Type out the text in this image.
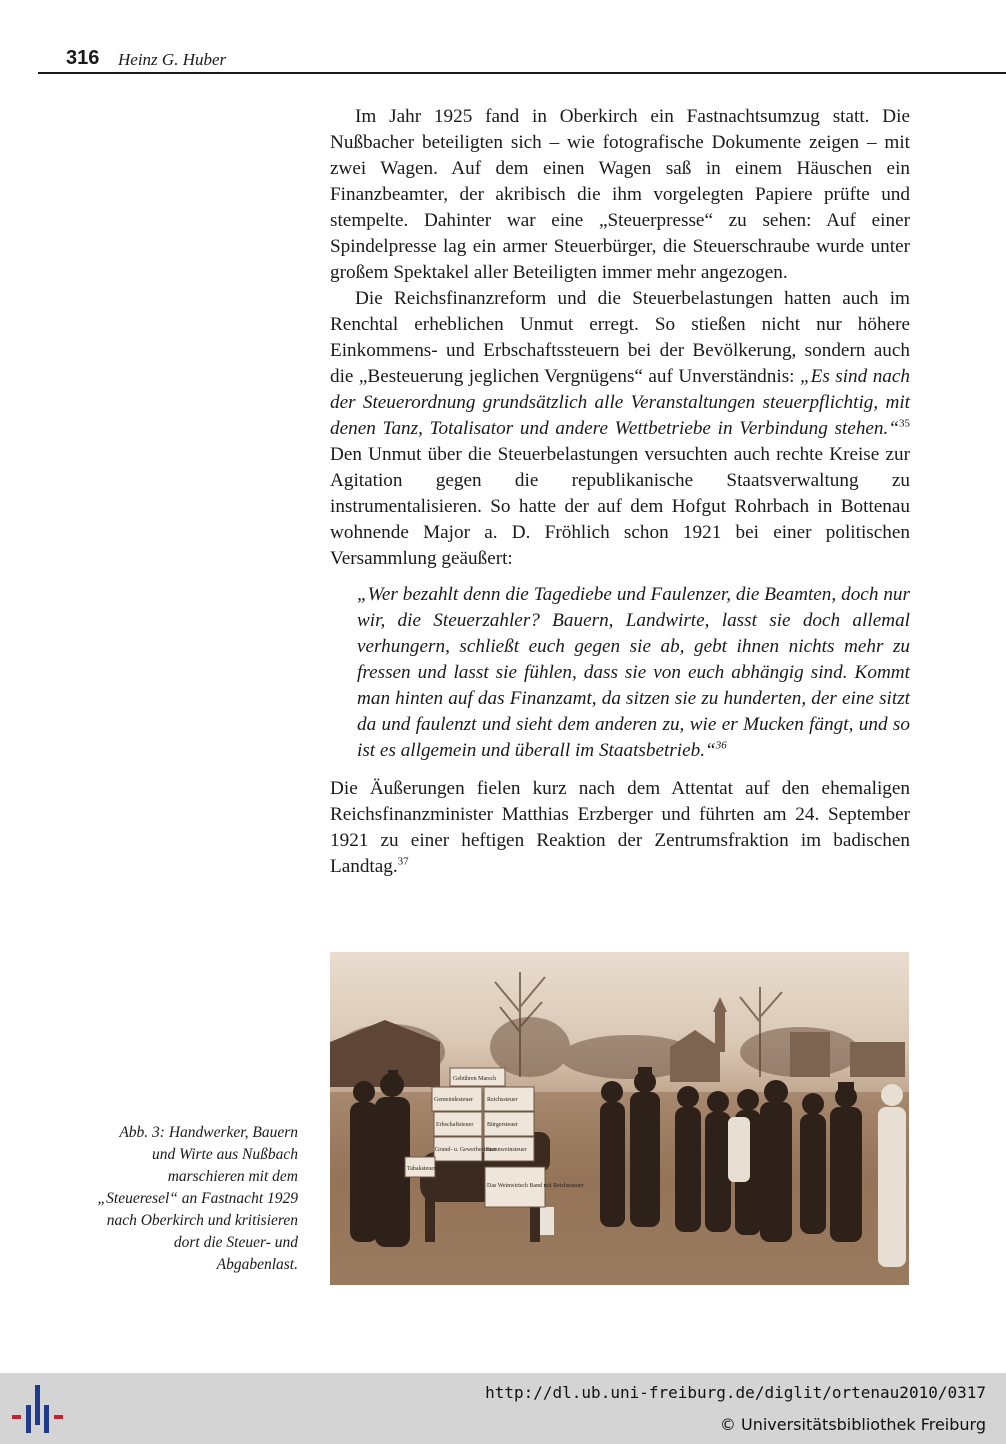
316 Heinz G. Huber

Im Jahr 1925 fand in Oberkirch ein Fastnachtsumzug statt. Die Nußbacher beteiligten sich – wie fotografische Dokumente zeigen – mit zwei Wagen. Auf dem einen Wagen saß in einem Häuschen ein Finanzbeamter, der akribisch die ihm vorgelegten Papiere prüfte und stempelte. Dahinter war eine „Steuerpresse“ zu sehen: Auf einer Spindelpresse lag ein armer Steuerbürger, die Steuerschraube wurde unter großem Spektakel aller Beteiligten immer mehr angezogen.

Die Reichsfinanzreform und die Steuerbelastungen hatten auch im Renchtal erheblichen Unmut erregt. So stießen nicht nur höhere Einkommens- und Erbschaftssteuern bei der Bevölkerung, sondern auch die „Besteuerung jeglichen Vergnügens“ auf Unverständnis: „Es sind nach der Steuerordnung grundsätzlich alle Veranstaltungen steuerpflichtig, mit denen Tanz, Totalisator und andere Wettbetriebe in Verbindung stehen.“$^{35}$ Den Unmut über die Steuerbelastungen versuchten auch rechte Kreise zur Agitation gegen die republikanische Staatsverwaltung zu instrumentalisieren. So hatte der auf dem Hofgut Rohrbach in Bottenau wohnende Major a. D. Fröhlich schon 1921 bei einer politischen Versammlung geäußert:

„Wer bezahlt denn die Tagediebe und Faulenzer, die Beamten, doch nur wir, die Steuerzahler? Bauern, Landwirte, lasst sie doch allemal verhungern, schließt euch gegen sie ab, gebt ihnen nichts mehr zu fressen und lasst sie fühlen, dass sie von euch abhängig sind. Kommt man hinten auf das Finanzamt, da sitzen sie zu hunderten, der eine sitzt da und faulenzt und sieht dem anderen zu, wie er Mucken fängt, und so ist es allgemein und überall im Staatsbetrieb.“$^{36}$

Die Äußerungen fielen kurz nach dem Attentat auf den ehemaligen Reichsfinanzminister Matthias Erzberger und führten am 24. September 1921 zu einer heftigen Reaktion der Zentrumsfraktion im badischen Landtag.$^{37}$

Gebühren Marsch
Gemeindesteuer Reichssteuer
Erbschaftsteuer Bürgersteuer
Grund- u. Gewerbesteuer
Brannweinsteuer
Tabaksteuer
Das Weinwirtsch Band mit Reichssteuer
Abb. 3: Handwerker, Bauern und Wirte aus Nußbach marschieren mit dem „Steueresel“ an Fastnacht 1929 nach Oberkirch und kritisieren dort die Steuer- und Abgabenlast.
http://dl.ub.uni-freiburg.de/diglit/ortenau2010/0317
© Universitätsbibliothek Freiburg
